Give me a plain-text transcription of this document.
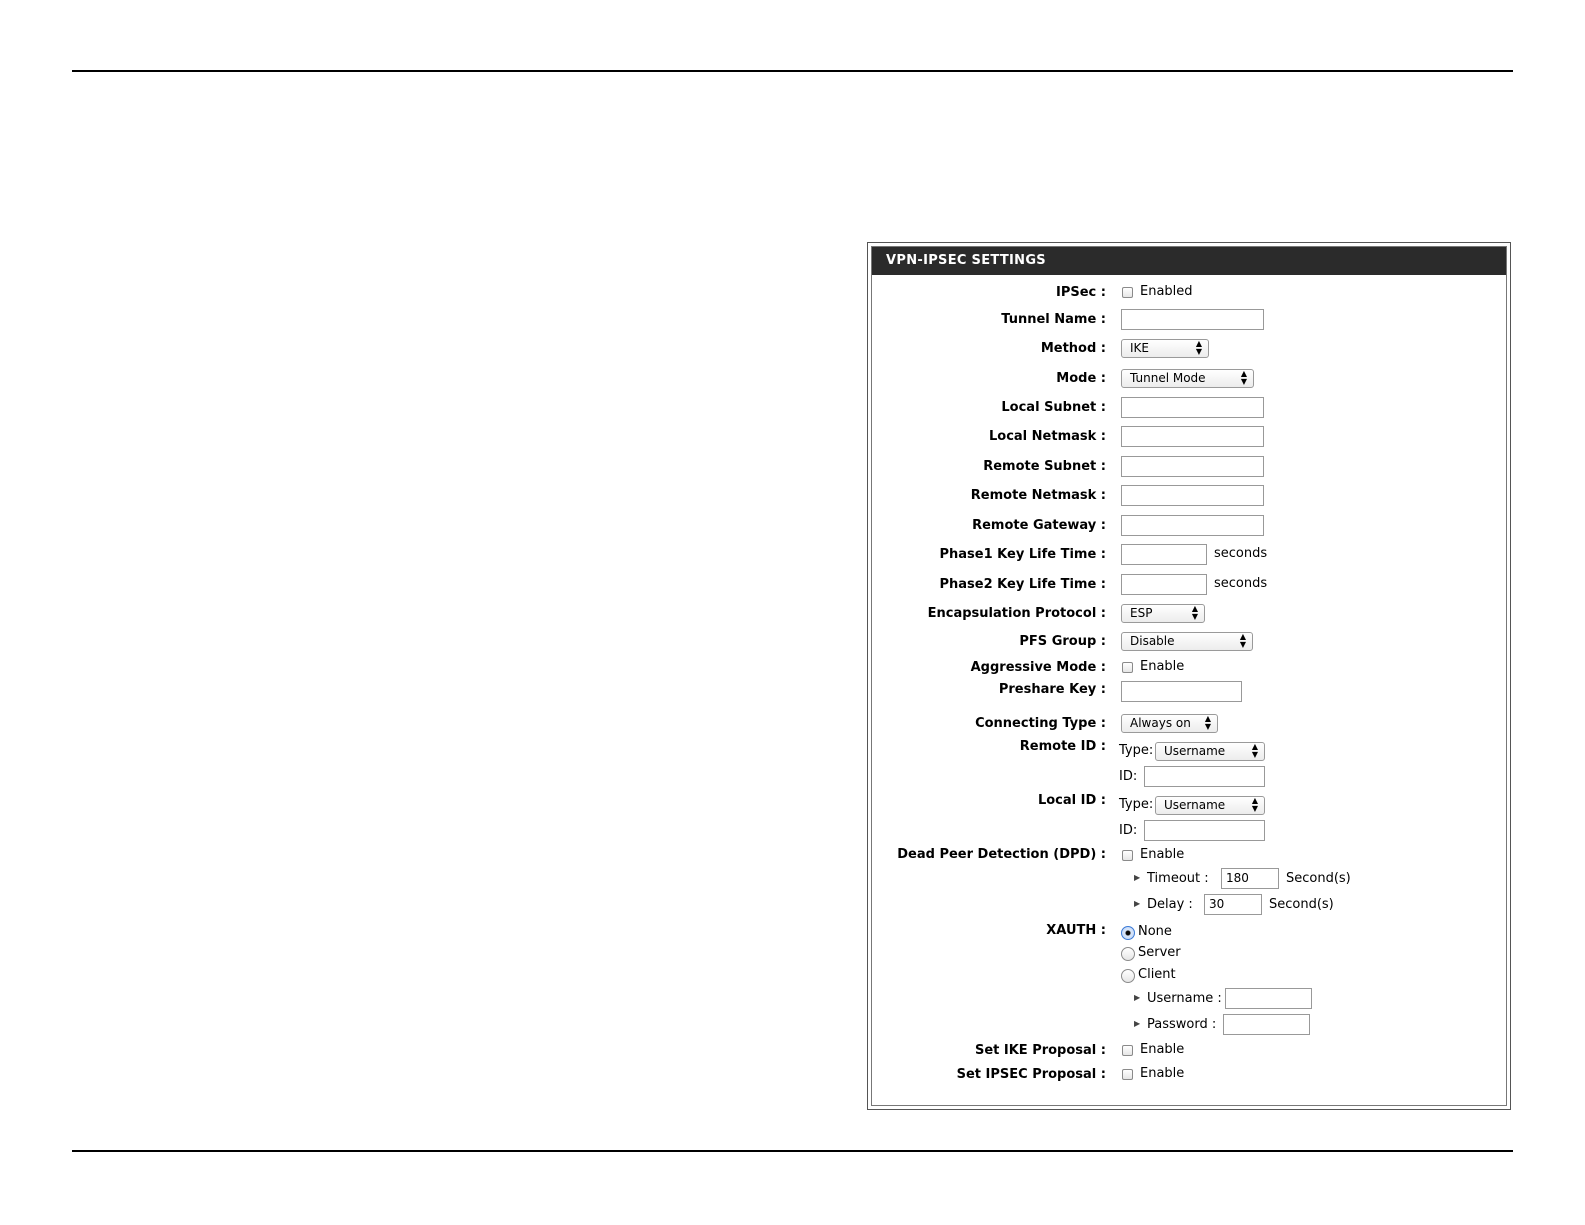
VPN-IPSEC SETTINGS
IPSec :	Enabled
Tunnel Name :
Method :	IKE	▲
▼
Mode :	Tunnel Mode	▲
▼
Local Subnet :
Local Netmask :
Remote Subnet :
Remote Netmask :
Remote Gateway :
Phase1 Key Life Time :	seconds
Phase2 Key Life Time :	seconds
Encapsulation Protocol :	ESP	▲
▼
PFS Group :	Disable	▲
▼
Aggressive Mode :	Enable
Preshare Key :
Connecting Type :	Always on ▲
▼
Remote ID : Type: Username	▲
▼
ID:
Local ID : Type: Username	▲
▼
ID:
Dead Peer Detection (DPD) :	Enable
▶ Timeout :	180	Second(s)
▶ Delay :	30	Second(s)
XAUTH : None
Server
Client
▶ Username :
▶ Password :
Set IKE Proposal :	Enable
Set IPSEC Proposal :	Enable
